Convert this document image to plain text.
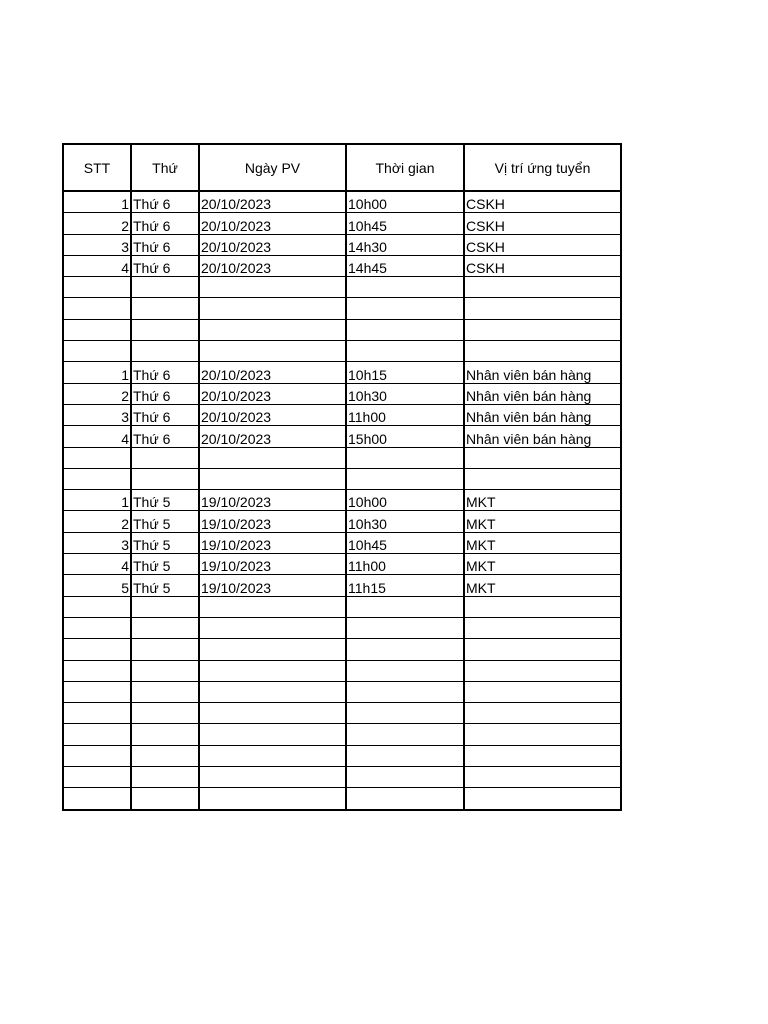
STT	Thứ	Ngày PV	Thời gian	Vị trí ứng tuyển
1	Thứ 6	20/10/2023	10h00	CSKH
2	Thứ 6	20/10/2023	10h45	CSKH
3	Thứ 6	20/10/2023	14h30	CSKH
4	Thứ 6	20/10/2023	14h45	CSKH

1	Thứ 6	20/10/2023	10h15	Nhân viên bán hàng
2	Thứ 6	20/10/2023	10h30	Nhân viên bán hàng
3	Thứ 6	20/10/2023	11h00	Nhân viên bán hàng
4	Thứ 6	20/10/2023	15h00	Nhân viên bán hàng

1	Thứ 5	19/10/2023	10h00	MKT
2	Thứ 5	19/10/2023	10h30	MKT
3	Thứ 5	19/10/2023	10h45	MKT
4	Thứ 5	19/10/2023	11h00	MKT
5	Thứ 5	19/10/2023	11h15	MKT
